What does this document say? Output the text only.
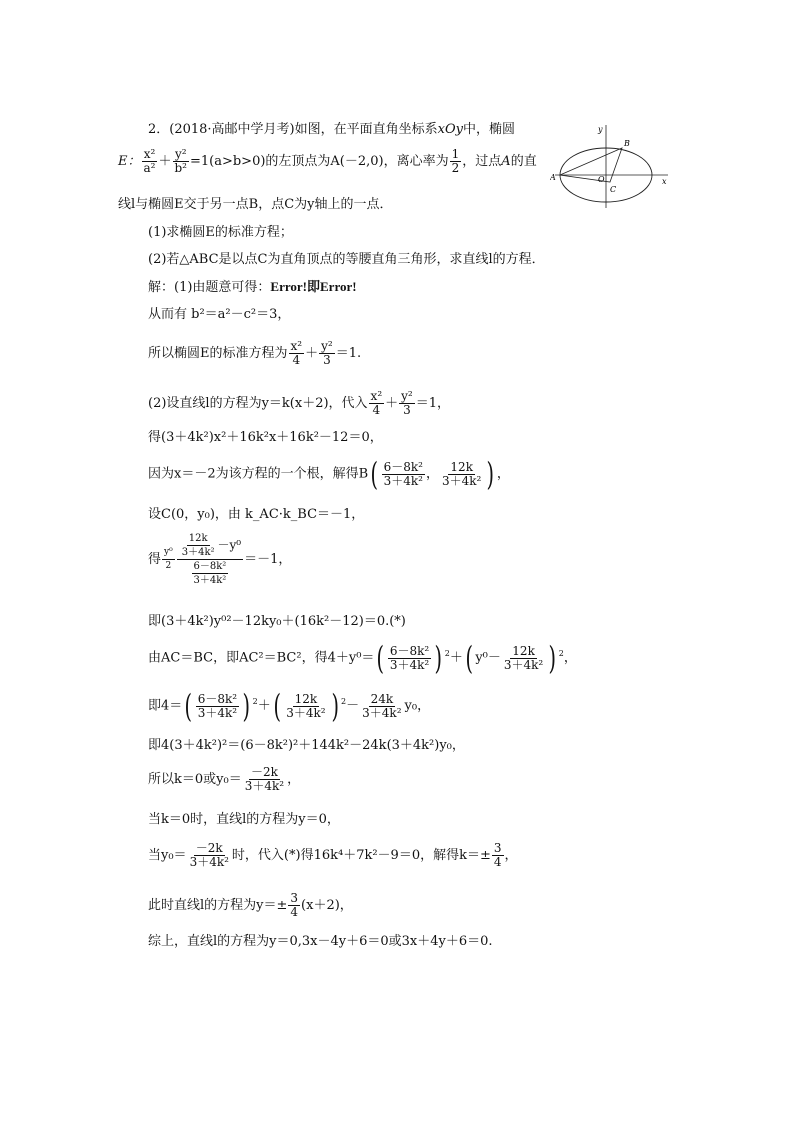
2．(2018·高邮中学月考)如图，在平面直角坐标系xOy中，椭圆
E： $\frac{\text{x²}}{\text{a²}} + \frac{\text{y²}}{\text{b²}} =1(a>b>0)$的左顶点为A(－2,0)，离心率为 $\frac{1}{2}$ ，过点A的直
线l与椭圆E交于另一点B，点C为y轴上的一点．
(1)求椭圆E的标准方程；
(2)若△ABC是以点C为直角顶点的等腰直角三角形，求直线l的方程．
y
B
A	O
C
x
解：(1)由题意可得：Error!即Error!
从而有 b²＝a²－c²＝3，
所以椭圆E的标准方程为 $\frac{\text{x²}}{4} + \frac{\text{y²}}{3} =1$.
(2)设直线l的方程为y＝k(x＋2)，代入 $\frac{\text{x²}}{4} + \frac{\text{y²}}{3} =1$，
得(3＋4k²)x²＋16k²x＋16k²－12＝0，
因为x＝－2为该方程的一个根，解得$B( \frac{\text{6－8k²}}{\text{3＋4k²}}$ ， $\frac{12k}{\text{3＋4k²}}$ ) ，
设C(0，y₀)，由 k_AC·k_BC＝－1，
得 $\frac{\text{y⁰}}{2} \frac{\frac{12k}{\text{3＋4k²}} -y^0}{\frac{\text{6－8k²}}{\text{3＋4k²}}} =-1$，
即(3＋4k²)y⁰²－12ky₀＋(16k²－12)＝0.(*)
由AC＝BC，即AC²＝BC²，得$4+y^0=( \frac{\text{6－8k²}}{\text{3＋4k²}}$ ) $^2$＋( $y^0- \frac{12k}{\text{3＋4k²}}$ ) $^2$，
即$4=( \frac{\text{6－8k²}}{\text{3＋4k²}}$ ) $^2+( \frac{12k}{\text{3＋4k²}}$ ) $^2- \frac{24k}{\text{3＋4k²}} y_0$，
即4(3＋4k²)²＝(6－8k²)²＋144k²－24k(3＋4k²)y₀，
所以k＝0或$y_0= \frac{-2k}{\text{3＋4k²}}$ ，
当k＝0时，直线l的方程为y＝0，
当$y_0= \frac{-2k}{\text{3＋4k²}}$ 时，代入(*)得16k⁴＋7k²－9＝0，解得$k=\pm \frac{3}{4}$ ，
此时直线l的方程为$y=\pm \frac{3}{4} (x+2)$，
综上，直线l的方程为y＝0,3x－4y＋6＝0或3x＋4y＋6＝0.
